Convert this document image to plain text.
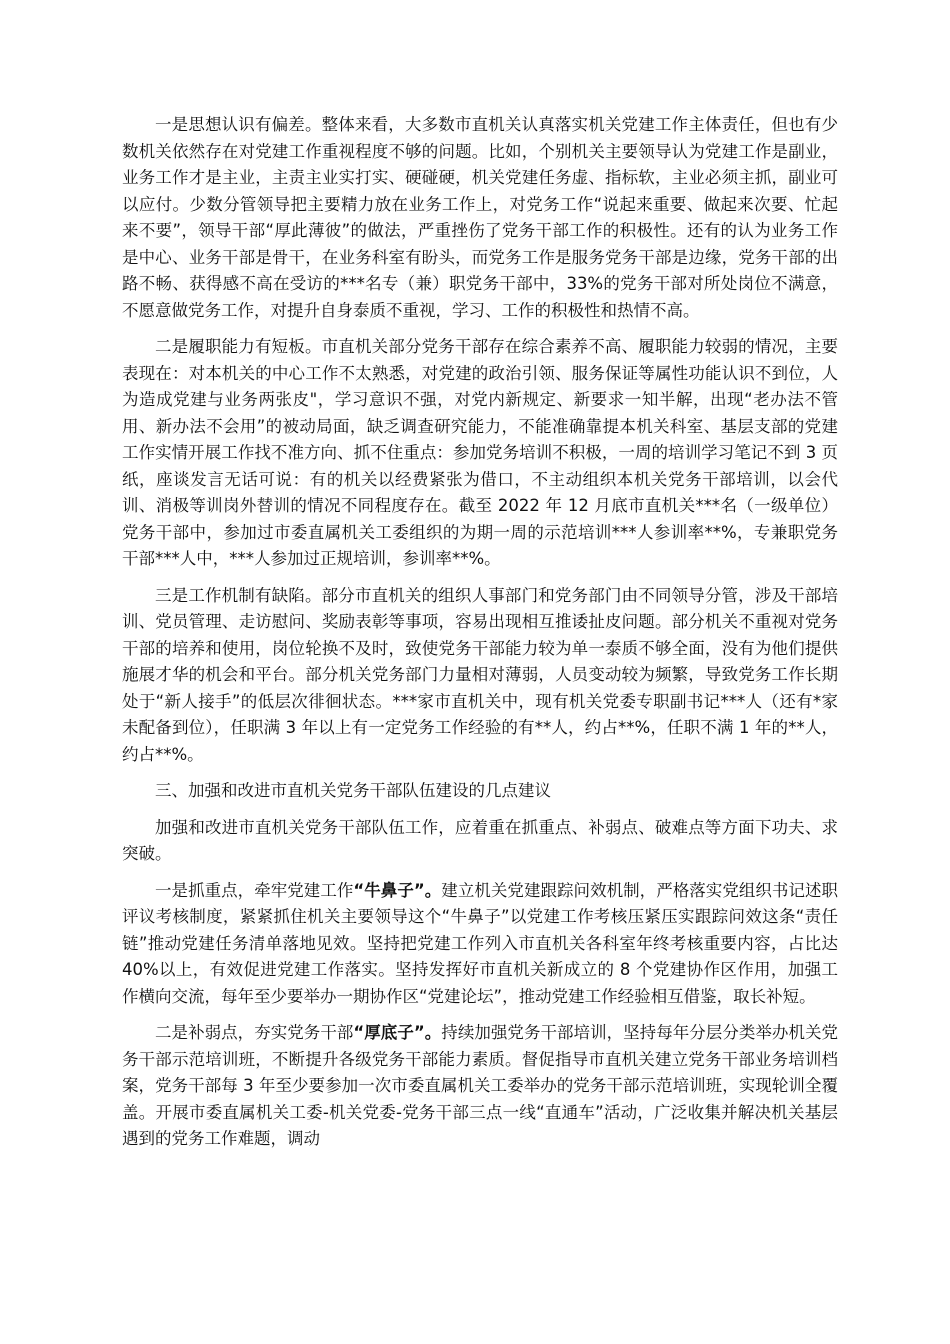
一是思想认识有偏差。整体来看，大多数市直机关认真落实机关党建工作主体责任，但也有少数机关依然存在对党建工作重视程度不够的问题。比如，个别机关主要领导认为党建工作是副业，业务工作才是主业，主责主业实打实、硬碰硬，机关党建任务虚、指标软，主业必须主抓，副业可以应付。少数分管领导把主要精力放在业务工作上，对党务工作“说起来重要、做起来次要、忙起来不要”，领导干部“厚此薄彼”的做法，严重挫伤了党务干部工作的积极性。还有的认为业务工作是中心、业务干部是骨干，在业务科室有盼头，而党务工作是服务党务干部是边缘，党务干部的出路不畅、获得感不高在受访的***名专（兼）职党务干部中，33%的党务干部对所处岗位不满意，不愿意做党务工作，对提升自身泰质不重视，学习、工作的积极性和热情不高。

二是履职能力有短板。市直机关部分党务干部存在综合素养不高、履职能力较弱的情况，主要表现在：对本机关的中心工作不太熟悉，对党建的政治引领、服务保证等属性功能认识不到位，人为造成党建与业务两张皮"，学习意识不强，对党内新规定、新要求一知半解，出现“老办法不管用、新办法不会用”的被动局面，缺乏调查研究能力，不能准确靠提本机关科室、基层支部的党建工作实情开展工作找不准方向、抓不住重点：参加党务培训不积极，一周的培训学习笔记不到 3 页纸，座谈发言无话可说：有的机关以经费紧张为借口，不主动组织本机关党务干部培训，以会代训、消极等训岗外替训的情况不同程度存在。截至 2022 年 12 月底市直机关***名（一级单位）党务干部中，参加过市委直属机关工委组织的为期一周的示范培训***人参训率**%，专兼职党务干部***人中，***人参加过正规培训，参训率**%。

三是工作机制有缺陷。部分市直机关的组织人事部门和党务部门由不同领导分管，涉及干部培训、党员管理、走访慰问、奖励表彰等事项，容易出现相互推诿扯皮问题。部分机关不重视对党务干部的培养和使用，岗位轮换不及时，致使党务干部能力较为单一泰质不够全面，没有为他们提供施展才华的机会和平台。部分机关党务部门力量相对薄弱，人员变动较为频繁，导致党务工作长期处于“新人接手”的低层次徘徊状态。***家市直机关中，现有机关党委专职副书记***人（还有*家未配备到位），任职满 3 年以上有一定党务工作经验的有**人，约占**%，任职不满 1 年的**人，约占**%。

三、加强和改进市直机关党务干部队伍建设的几点建议

加强和改进市直机关党务干部队伍工作，应着重在抓重点、补弱点、破难点等方面下功夫、求突破。

一是抓重点，牵牢党建工作“牛鼻子”。建立机关党建跟踪问效机制，严格落实党组织书记述职评议考核制度，紧紧抓住机关主要领导这个“牛鼻子”以党建工作考核压紧压实跟踪问效这条“责任链”推动党建任务清单落地见效。坚持把党建工作列入市直机关各科室年终考核重要内容，占比达 40%以上，有效促进党建工作落实。坚持发挥好市直机关新成立的 8 个党建协作区作用，加强工作横向交流，每年至少要举办一期协作区“党建论坛”，推动党建工作经验相互借鉴，取长补短。

二是补弱点，夯实党务干部“厚底子”。持续加强党务干部培训，坚持每年分层分类举办机关党务干部示范培训班，不断提升各级党务干部能力素质。督促指导市直机关建立党务干部业务培训档案，党务干部每 3 年至少要参加一次市委直属机关工委举办的党务干部示范培训班，实现轮训全覆盖。开展市委直属机关工委-机关党委-党务干部三点一线“直通车”活动，广泛收集并解决机关基层遇到的党务工作难题，调动
